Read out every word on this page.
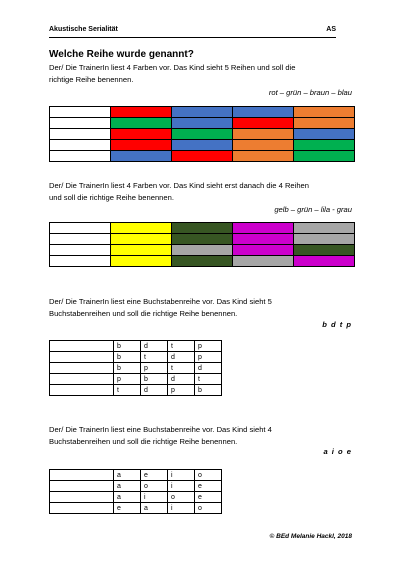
Akustische Serialität	AS
Welche Reihe wurde genannt?
Der/ Die TrainerIn liest 4 Farben vor. Das Kind sieht 5 Reihen und soll die
richtige Reihe benennen.
rot – grün – braun – blau

Der/ Die TrainerIn liest 4 Farben vor. Das Kind sieht erst danach die 4 Reihen
und soll die richtige Reihe benennen.
gelb – grün – lila - grau

Der/ Die TrainerIn liest eine Buchstabenreihe vor. Das Kind sieht 5
Buchstabenreihen und soll die richtige Reihe benennen.
b d t p
	b	d	t	p
	b	t	d	p
	b	p	t	d
	p	b	d	t
	t	d	p	b
Der/ Die TrainerIn liest eine Buchstabenreihe vor. Das Kind sieht 4
Buchstabenreihen und soll die richtige Reihe benennen.
a i o e
	a	e	i	o
	a	o	i	e
	a	i	o	e
	e	a	i	o
© BEd Melanie Hackl, 2018
